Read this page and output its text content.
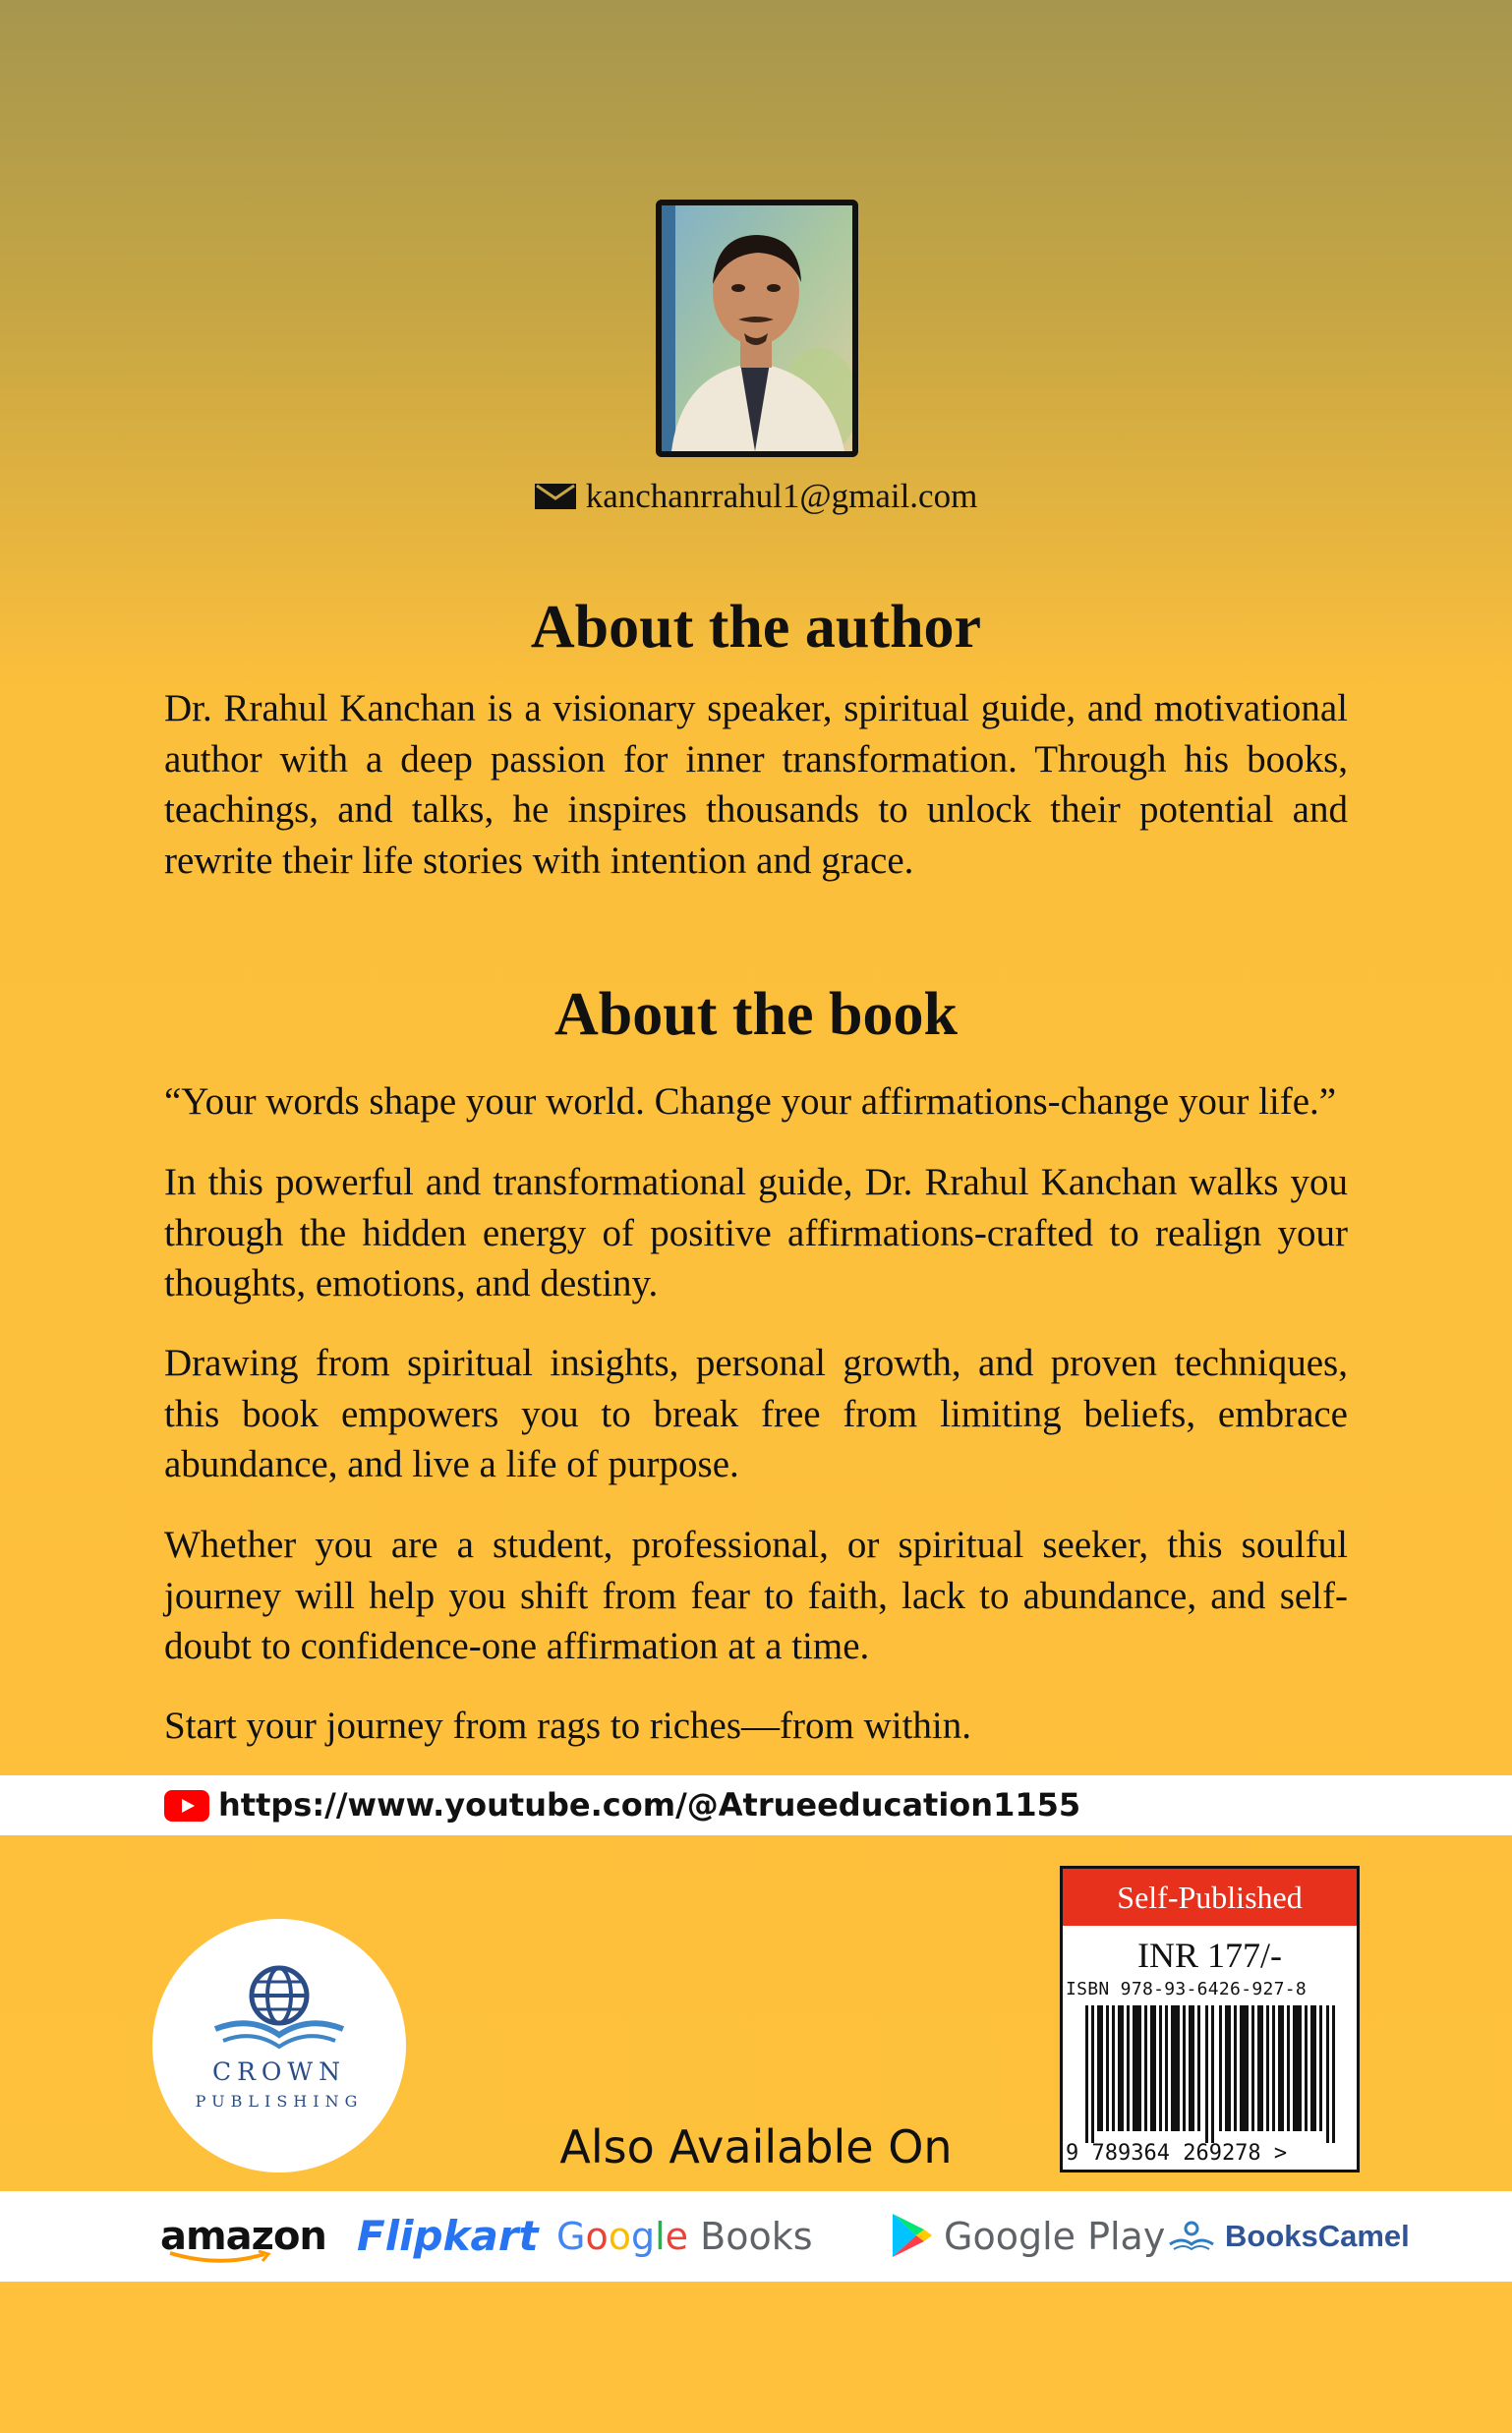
kanchanrrahul1@gmail.com
About the author

Dr. Rrahul Kanchan is a visionary speaker, spiritual guide, and motivational author with a deep passion for inner transformation. Through his books, teachings, and talks, he inspires thousands to unlock their potential and rewrite their life stories with intention and grace.

About the book

“Your words shape your world. Change your affirmations-change your life.”

In this powerful and transformational guide, Dr. Rrahul Kanchan walks you through the hidden energy of positive affirmations-crafted to realign your thoughts, emotions, and destiny.

Drawing from spiritual insights, personal growth, and proven techniques, this book empowers you to break free from limiting beliefs, embrace abundance, and live a life of purpose.

Whether you are a student, professional, or spiritual seeker, this soulful journey will help you shift from fear to faith, lack to abundance, and self-doubt to confidence-one affirmation at a time.

Start your journey from rags to riches—from within.

https://www.youtube.com/@Atrueeducation1155
CROWN
PUBLISHING
Self-Published
INR 177/-
ISBN 978-93-6426-927-8
9 789364 269278 >
Also Available On
amazon Flipkart Google Books	Google Play	BooksCamel
